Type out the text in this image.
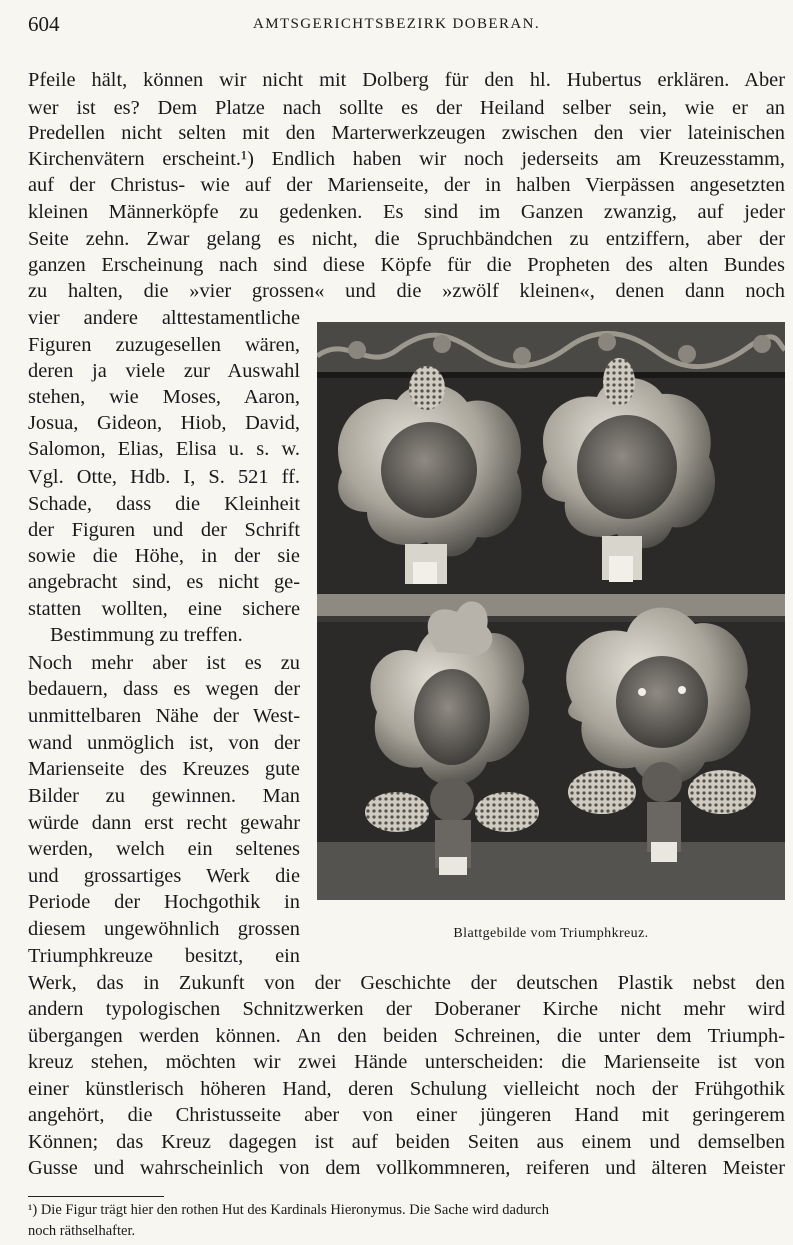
604	AMTSGERICHTSBEZIRK DOBERAN.
Pfeile hält, können wir nicht mit Dolberg für den hl. Hubertus erklären. Aber
wer ist es? Dem Platze nach sollte es der Heiland selber sein, wie er an
Predellen nicht selten mit den Marterwerkzeugen zwischen den vier lateinischen
Kirchenvätern erscheint.¹) Endlich haben wir noch jederseits am Kreuzesstamm,
auf der Christus- wie auf der Marienseite, der in halben Vierpässen angesetzten
kleinen Männerköpfe zu gedenken. Es sind im Ganzen zwanzig, auf jeder
Seite zehn. Zwar gelang es nicht, die Spruchbändchen zu entziffern, aber der
ganzen Erscheinung nach sind diese Köpfe für die Propheten des alten Bundes
zu halten, die »vier grossen« und die »zwölf kleinen«, denen dann noch
vier andere alttestamentliche
Figuren zuzugesellen wären,
deren ja viele zur Auswahl
stehen, wie Moses, Aaron,
Josua, Gideon, Hiob, David,
Salomon, Elias, Elisa u. s. w.
Vgl. Otte, Hdb. I, S. 521 ff.
Schade, dass die Kleinheit
der Figuren und der Schrift
sowie die Höhe, in der sie
angebracht sind, es nicht ge-
statten wollten, eine sichere
Bestimmung zu treffen.
Noch mehr aber ist es zu
bedauern, dass es wegen der
unmittelbaren Nähe der West-
wand unmöglich ist, von der
Marienseite des Kreuzes gute
Bilder zu gewinnen. Man
würde dann erst recht gewahr
werden, welch ein seltenes
und grossartiges Werk die
Periode der Hochgothik in
diesem ungewöhnlich grossen
Triumphkreuze besitzt, ein
Blattgebilde vom Triumphkreuz.
Werk, das in Zukunft von der Geschichte der deutschen Plastik nebst den
andern typologischen Schnitzwerken der Doberaner Kirche nicht mehr wird
übergangen werden können. An den beiden Schreinen, die unter dem Triumph-
kreuz stehen, möchten wir zwei Hände unterscheiden: die Marienseite ist von
einer künstlerisch höheren Hand, deren Schulung vielleicht noch der Frühgothik
angehört, die Christusseite aber von einer jüngeren Hand mit geringerem
Können; das Kreuz dagegen ist auf beiden Seiten aus einem und demselben
Gusse und wahrscheinlich von dem vollkommneren, reiferen und älteren Meister
¹) Die Figur trägt hier den rothen Hut des Kardinals Hieronymus. Die Sache wird dadurch
noch räthselhafter.
